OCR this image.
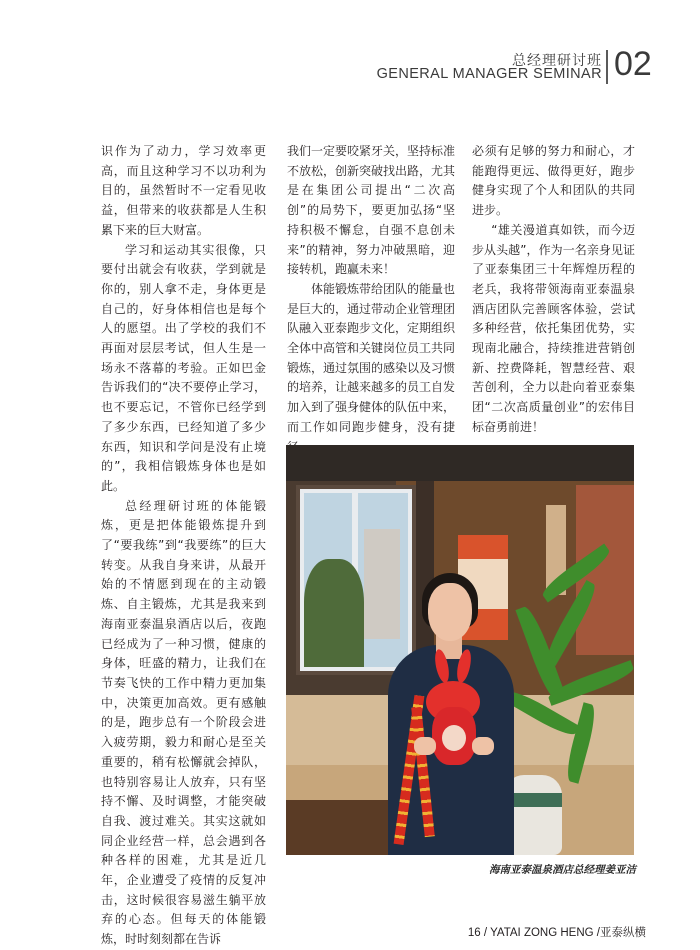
总经理研讨班
GENERAL MANAGER SEMINAR 02

识作为了动力，学习效率更高，而且这种学习不以功利为目的，虽然暂时不一定看见收益，但带来的收获都是人生积累下来的巨大财富。

学习和运动其实很像，只要付出就会有收获，学到就是你的，别人拿不走，身体更是自己的，好身体相信也是每个人的愿望。出了学校的我们不再面对层层考试，但人生是一场永不落幕的考验。正如巴金告诉我们的“决不要停止学习，也不要忘记，不管你已经学到了多少东西，已经知道了多少东西，知识和学问是没有止境的”，我相信锻炼身体也是如此。

总经理研讨班的体能锻炼，更是把体能锻炼提升到了“要我练”到“我要练”的巨大转变。从我自身来讲，从最开始的不情愿到现在的主动锻炼、自主锻炼，尤其是我来到海南亚泰温泉酒店以后，夜跑已经成为了一种习惯，健康的身体，旺盛的精力，让我们在节奏飞快的工作中精力更加集中，决策更加高效。更有感触的是，跑步总有一个阶段会进入疲劳期，毅力和耐心是至关重要的，稍有松懈就会掉队，也特别容易让人放弃，只有坚持不懈、及时调整，才能突破自我、渡过难关。其实这就如同企业经营一样，总会遇到各种各样的困难，尤其是近几年，企业遭受了疫情的反复冲击，这时候很容易滋生躺平放弃的心态。但每天的体能锻炼，时时刻刻都在告诉

我们一定要咬紧牙关，坚持标准不放松，创新突破找出路，尤其是在集团公司提出“二次高创”的局势下，要更加弘扬“坚持积极不懈怠，自强不息创未来”的精神，努力冲破黑暗，迎接转机，跑赢未来！

体能锻炼带给团队的能量也是巨大的，通过带动企业管理团队融入亚泰跑步文化，定期组织全体中高管和关键岗位员工共同锻炼，通过氛围的感染以及习惯的培养，让越来越多的员工自发加入到了强身健体的队伍中来，而工作如同跑步健身，没有捷

必须有足够的努力和耐心，才能跑得更远、做得更好，跑步健身实现了个人和团队的共同进步。

“雄关漫道真如铁，而今迈步从头越”，作为一名亲身见证了亚泰集团三十年辉煌历程的老兵，我将带领海南亚泰温泉酒店团队完善顾客体验，尝试多种经营，依托集团优势，实现南北融合，持续推进营销创新、控费降耗，智慧经营、艰苦创利，全力以赴向着亚泰集团“二次高质量创业”的宏伟目标奋勇前进！

海南亚泰温泉酒店总经理姜亚洁
16 / YATAI ZONG HENG /亚泰纵横
